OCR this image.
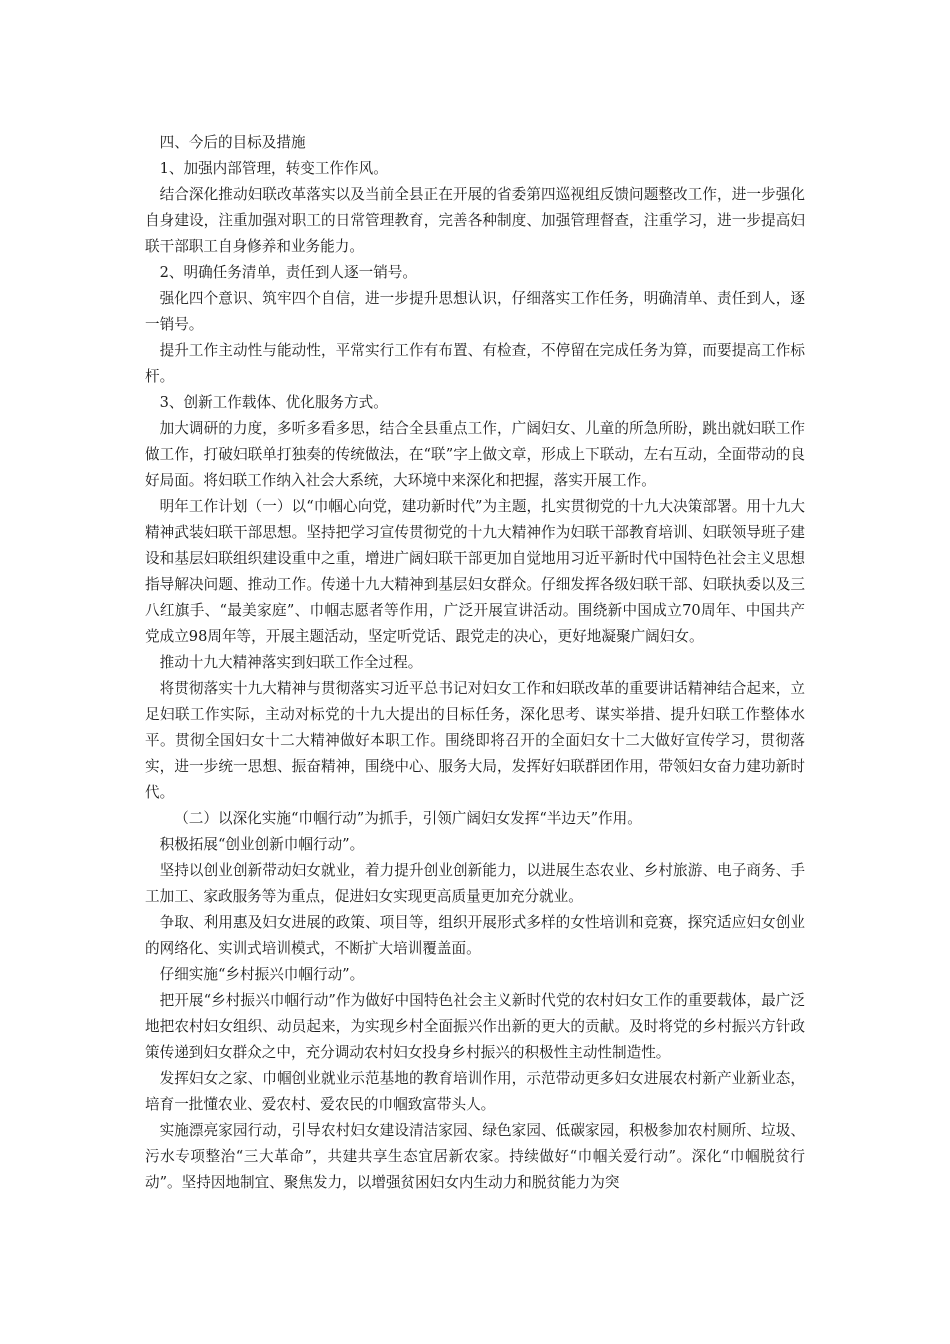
四、今后的目标及措施

1、加强内部管理，转变工作作风。

结合深化推动妇联改革落实以及当前全县正在开展的省委第四巡视组反馈问题整改工作，进一步强化自身建设，注重加强对职工的日常管理教育，完善各种制度、加强管理督查，注重学习，进一步提高妇联干部职工自身修养和业务能力。

2、明确任务清单，责任到人逐一销号。

强化四个意识、筑牢四个自信，进一步提升思想认识，仔细落实工作任务，明确清单、责任到人，逐一销号。

提升工作主动性与能动性，平常实行工作有布置、有检查，不停留在完成任务为算，而要提高工作标杆。

3、创新工作载体、优化服务方式。

加大调研的力度，多听多看多思，结合全县重点工作，广阔妇女、儿童的所急所盼，跳出就妇联工作做工作，打破妇联单打独奏的传统做法，在“联”字上做文章，形成上下联动，左右互动，全面带动的良好局面。将妇联工作纳入社会大系统，大环境中来深化和把握，落实开展工作。

明年工作计划（一）以“巾帼心向党，建功新时代”为主题，扎实贯彻党的十九大决策部署。用十九大精神武装妇联干部思想。坚持把学习宣传贯彻党的十九大精神作为妇联干部教育培训、妇联领导班子建设和基层妇联组织建设重中之重，增进广阔妇联干部更加自觉地用习近平新时代中国特色社会主义思想指导解决问题、推动工作。传递十九大精神到基层妇女群众。仔细发挥各级妇联干部、妇联执委以及三八红旗手、“最美家庭”、巾帼志愿者等作用，广泛开展宣讲活动。围绕新中国成立70周年、中国共产党成立98周年等，开展主题活动，坚定听党话、跟党走的决心，更好地凝聚广阔妇女。

推动十九大精神落实到妇联工作全过程。

将贯彻落实十九大精神与贯彻落实习近平总书记对妇女工作和妇联改革的重要讲话精神结合起来，立足妇联工作实际，主动对标党的十九大提出的目标任务，深化思考、谋实举措、提升妇联工作整体水平。贯彻全国妇女十二大精神做好本职工作。围绕即将召开的全面妇女十二大做好宣传学习，贯彻落实，进一步统一思想、振奋精神，围绕中心、服务大局，发挥好妇联群团作用，带领妇女奋力建功新时代。

（二）以深化实施“巾帼行动”为抓手，引领广阔妇女发挥“半边天”作用。

积极拓展“创业创新巾帼行动”。

坚持以创业创新带动妇女就业，着力提升创业创新能力，以进展生态农业、乡村旅游、电子商务、手工加工、家政服务等为重点，促进妇女实现更高质量更加充分就业。

争取、利用惠及妇女进展的政策、项目等，组织开展形式多样的女性培训和竞赛，探究适应妇女创业的网络化、实训式培训模式，不断扩大培训覆盖面。

仔细实施“乡村振兴巾帼行动”。

把开展“乡村振兴巾帼行动”作为做好中国特色社会主义新时代党的农村妇女工作的重要载体，最广泛地把农村妇女组织、动员起来，为实现乡村全面振兴作出新的更大的贡献。及时将党的乡村振兴方针政策传递到妇女群众之中，充分调动农村妇女投身乡村振兴的积极性主动性制造性。

发挥妇女之家、巾帼创业就业示范基地的教育培训作用，示范带动更多妇女进展农村新产业新业态，培育一批懂农业、爱农村、爱农民的巾帼致富带头人。

实施漂亮家园行动，引导农村妇女建设清洁家园、绿色家园、低碳家园，积极参加农村厕所、垃圾、污水专项整治“三大革命”，共建共享生态宜居新农家。持续做好“巾帼关爱行动”。深化“巾帼脱贫行动”。坚持因地制宜、聚焦发力，以增强贫困妇女内生动力和脱贫能力为突
